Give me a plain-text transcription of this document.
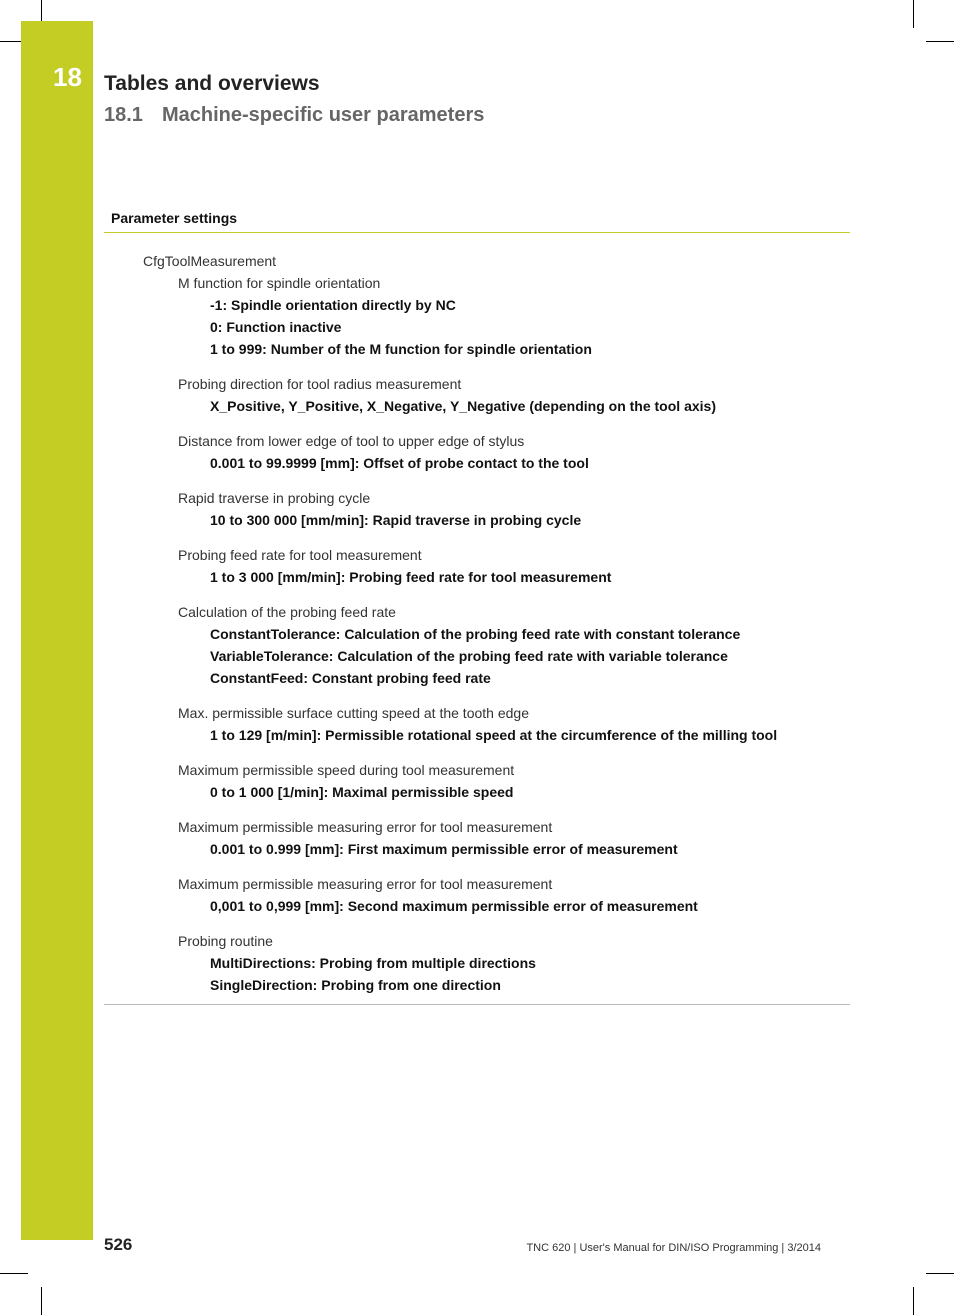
18 Tables and overviews
18.1 Machine-specific user parameters
Parameter settings
CfgToolMeasurement
M function for spindle orientation
-1: Spindle orientation directly by NC
0: Function inactive
1 to 999: Number of the M function for spindle orientation
Probing direction for tool radius measurement
X_Positive, Y_Positive, X_Negative, Y_Negative (depending on the tool axis)
Distance from lower edge of tool to upper edge of stylus
0.001 to 99.9999 [mm]: Offset of probe contact to the tool
Rapid traverse in probing cycle
10 to 300 000 [mm/min]: Rapid traverse in probing cycle
Probing feed rate for tool measurement
1 to 3 000 [mm/min]: Probing feed rate for tool measurement
Calculation of the probing feed rate
ConstantTolerance: Calculation of the probing feed rate with constant tolerance
VariableTolerance: Calculation of the probing feed rate with variable tolerance
ConstantFeed: Constant probing feed rate
Max. permissible surface cutting speed at the tooth edge
1 to 129 [m/min]: Permissible rotational speed at the circumference of the milling tool
Maximum permissible speed during tool measurement
0 to 1 000 [1/min]: Maximal permissible speed
Maximum permissible measuring error for tool measurement
0.001 to 0.999 [mm]: First maximum permissible error of measurement
Maximum permissible measuring error for tool measurement
0,001 to 0,999 [mm]: Second maximum permissible error of measurement
Probing routine
MultiDirections: Probing from multiple directions
SingleDirection: Probing from one direction
526	TNC 620 | User's Manual for DIN/ISO Programming | 3/2014
